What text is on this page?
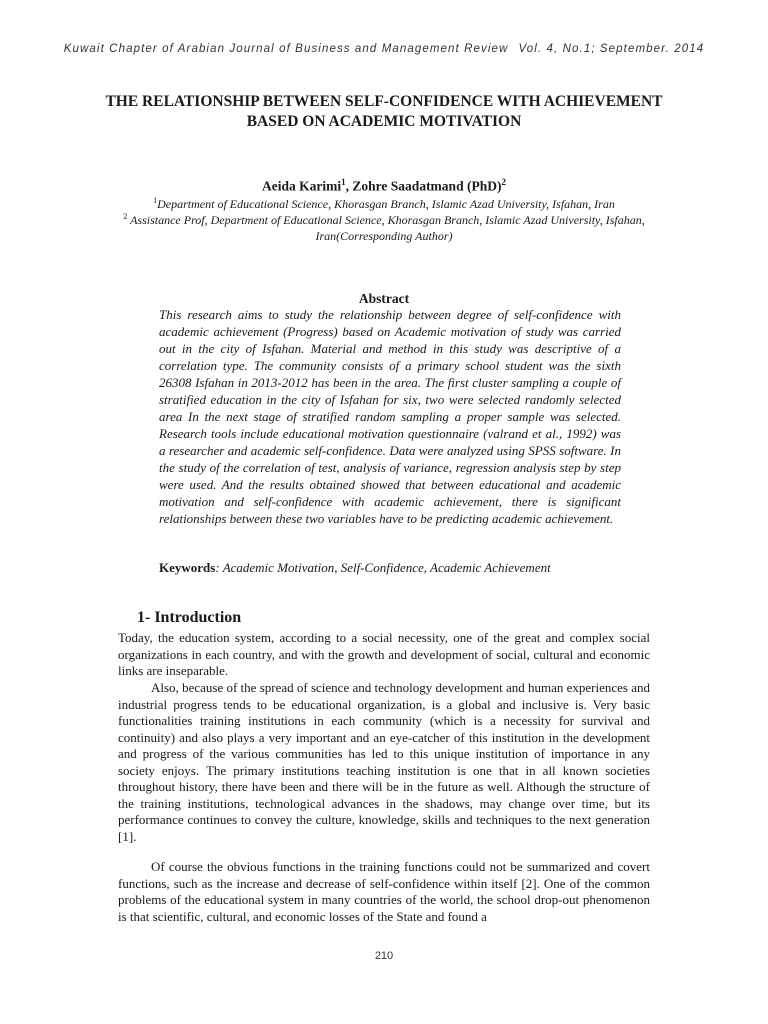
Kuwait Chapter of Arabian Journal of Business and Management Review Vol. 4, No.1; September. 2014
THE RELATIONSHIP BETWEEN SELF-CONFIDENCE WITH ACHIEVEMENT BASED ON ACADEMIC MOTIVATION
Aeida Karimi$^1$, Zohre Saadatmand (PhD)$^2$
$^1$Department of Educational Science, Khorasgan Branch, Islamic Azad University, Isfahan, Iran
$^2$ Assistance Prof, Department of Educational Science, Khorasgan Branch, Islamic Azad University, Isfahan, Iran(Corresponding Author)
Abstract

This research aims to study the relationship between degree of self-confidence with academic achievement (Progress) based on Academic motivation of study was carried out in the city of Isfahan. Material and method in this study was descriptive of a correlation type. The community consists of a primary school student was the sixth 26308 Isfahan in 2013-2012 has been in the area. The first cluster sampling a couple of stratified education in the city of Isfahan for six, two were selected randomly selected area In the next stage of stratified random sampling a proper sample was selected. Research tools include educational motivation questionnaire (valrand et al., 1992) was a researcher and academic self-confidence. Data were analyzed using SPSS software. In the study of the correlation of test, analysis of variance, regression analysis step by step were used. And the results obtained showed that between educational and academic motivation and self-confidence with academic achievement, there is significant relationships between these two variables have to be predicting academic achievement.

Keywords: Academic Motivation, Self-Confidence, Academic Achievement
1- Introduction

Today, the education system, according to a social necessity, one of the great and complex social organizations in each country, and with the growth and development of social, cultural and economic links are inseparable.

Also, because of the spread of science and technology development and human experiences and industrial progress tends to be educational organization, is a global and inclusive is. Very basic functionalities training institutions in each community (which is a necessity for survival and continuity) and also plays a very important and an eye-catcher of this institution in the development and progress of the various communities has led to this unique institution of importance in any society enjoys. The primary institutions teaching institution is one that in all known societies throughout history, there have been and there will be in the future as well. Although the structure of the training institutions, technological advances in the shadows, may change over time, but its performance continues to convey the culture, knowledge, skills and techniques to the next generation [1].

Of course the obvious functions in the training functions could not be summarized and covert functions, such as the increase and decrease of self-confidence within itself [2]. One of the common problems of the educational system in many countries of the world, the school drop-out phenomenon is that scientific, cultural, and economic losses of the State and found a

210
